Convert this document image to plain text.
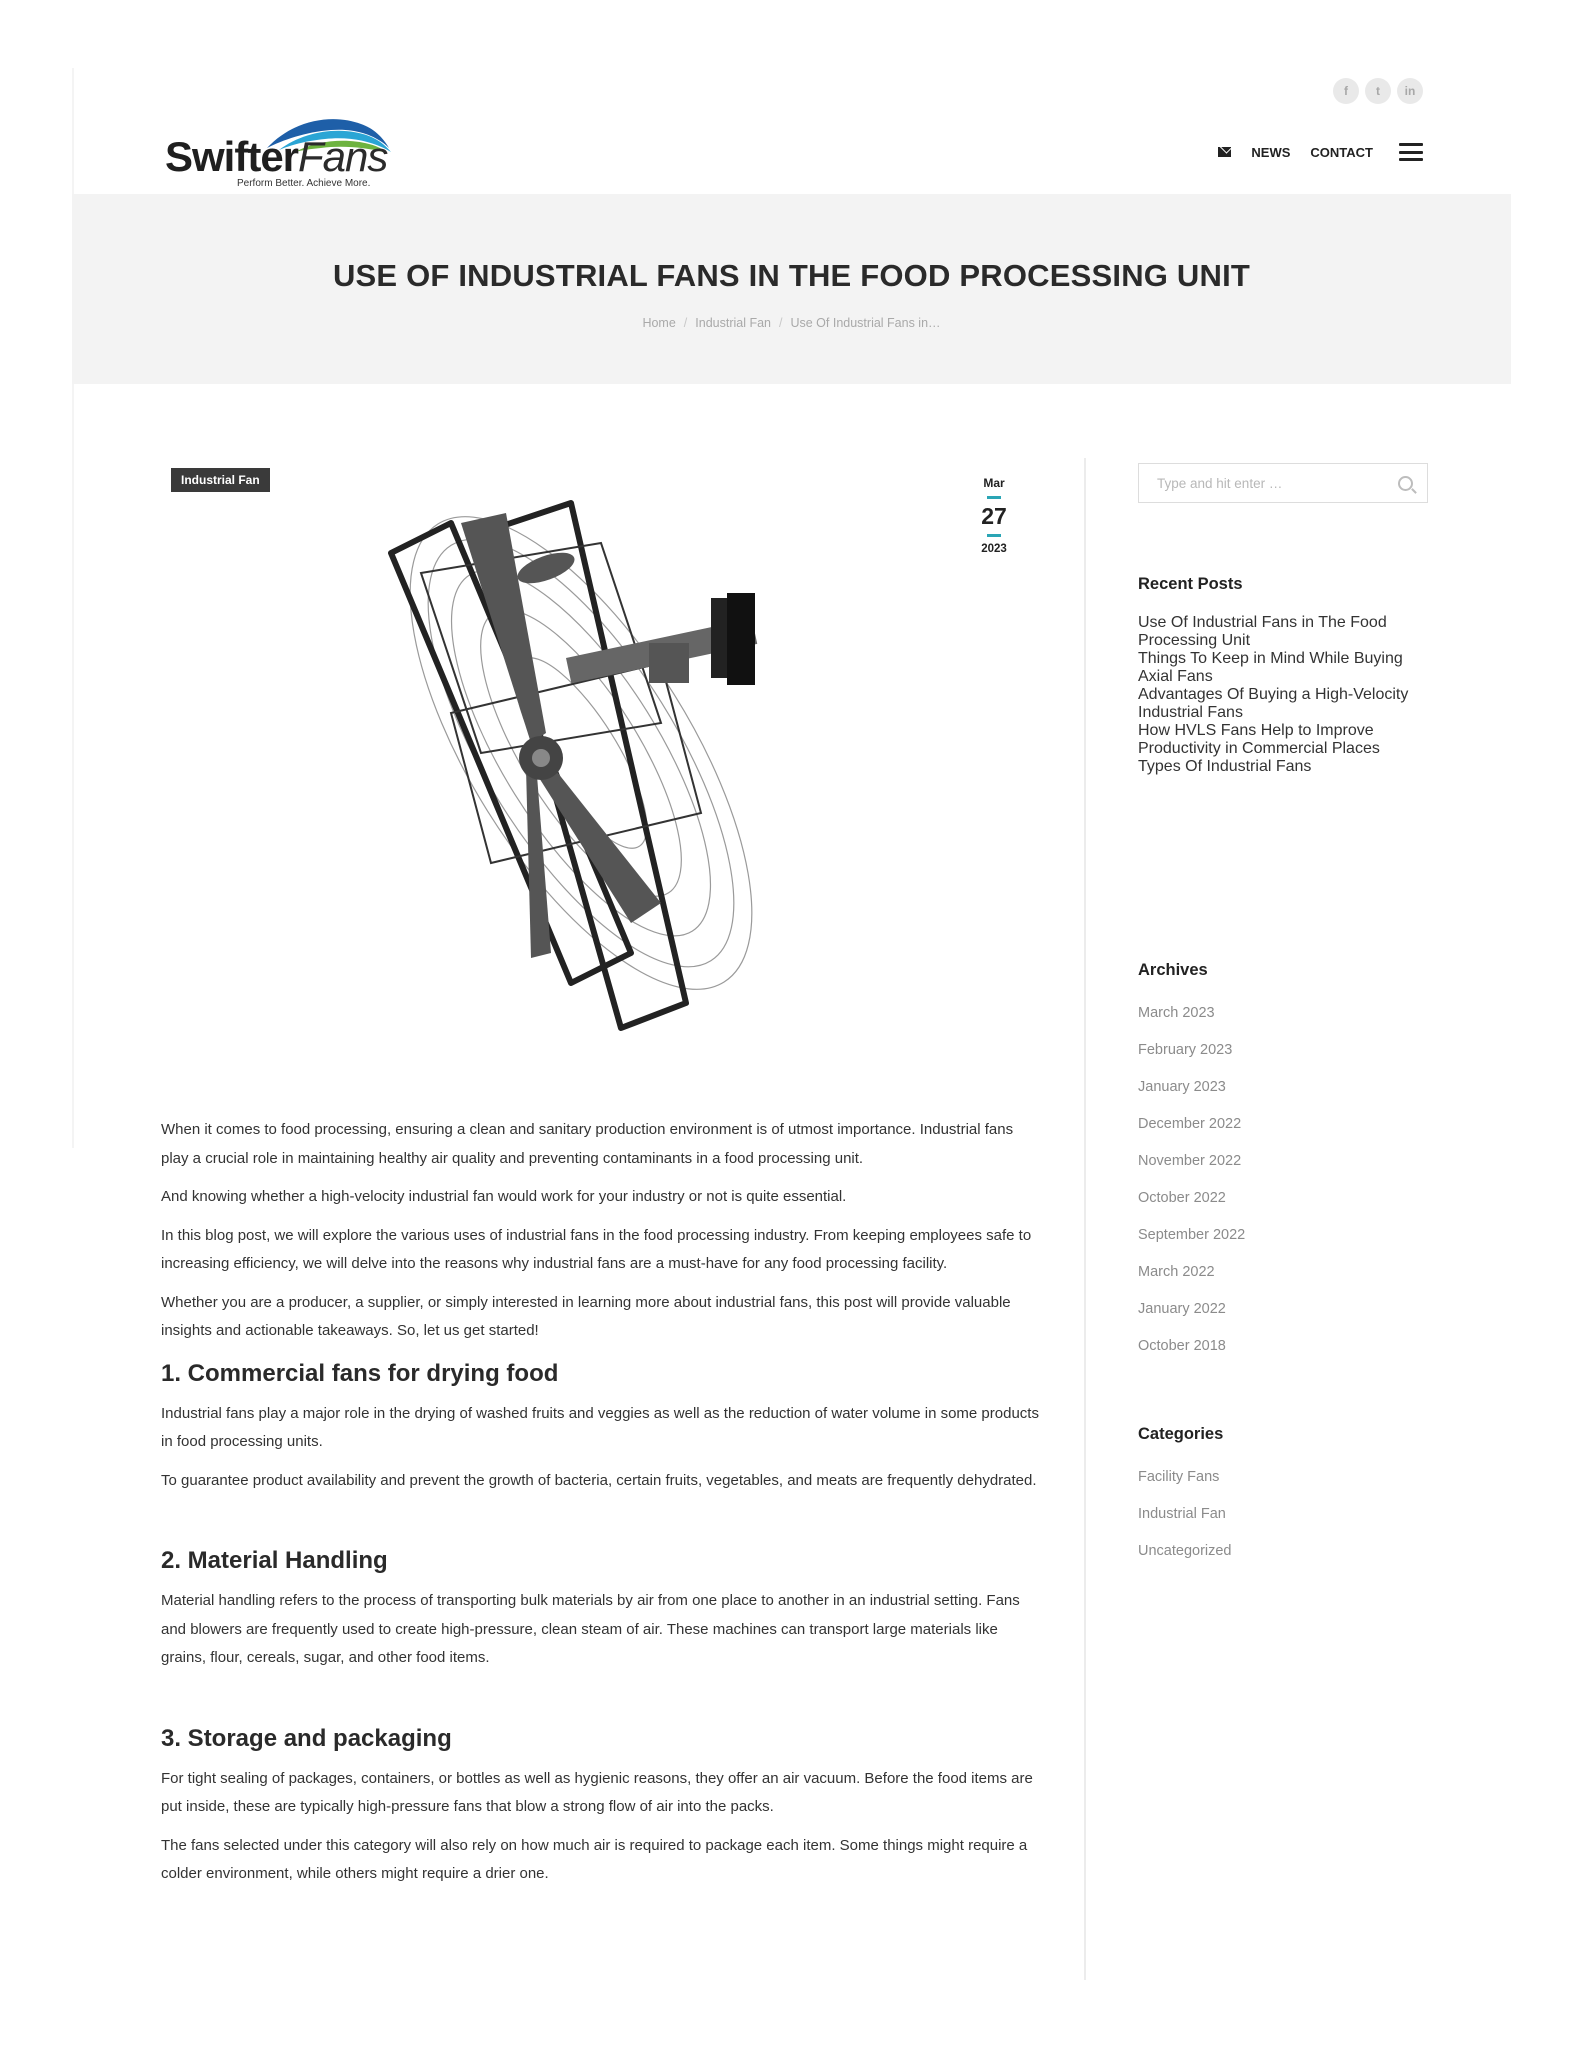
f	t	in
SwifterFans
Perform Better. Achieve More.
NEWS CONTACT
USE OF INDUSTRIAL FANS IN THE FOOD PROCESSING UNIT
Home / Industrial Fan / Use Of Industrial Fans in…
Industrial Fan	Mar
27
2023

When it comes to food processing, ensuring a clean and sanitary production environment is of utmost importance. Industrial fans play a crucial role in maintaining healthy air quality and preventing contaminants in a food processing unit.

And knowing whether a high-velocity industrial fan would work for your industry or not is quite essential.

In this blog post, we will explore the various uses of industrial fans in the food processing industry. From keeping employees safe to increasing efficiency, we will delve into the reasons why industrial fans are a must-have for any food processing facility.

Whether you are a producer, a supplier, or simply interested in learning more about industrial fans, this post will provide valuable insights and actionable takeaways. So, let us get started!

1. Commercial fans for drying food

Industrial fans play a major role in the drying of washed fruits and veggies as well as the reduction of water volume in some products in food processing units.

To guarantee product availability and prevent the growth of bacteria, certain fruits, vegetables, and meats are frequently dehydrated.

2. Material Handling

Material handling refers to the process of transporting bulk materials by air from one place to another in an industrial setting. Fans and blowers are frequently used to create high-pressure, clean steam of air. These machines can transport large materials like grains, flour, cereals, sugar, and other food items.

3. Storage and packaging

For tight sealing of packages, containers, or bottles as well as hygienic reasons, they offer an air vacuum. Before the food items are put inside, these are typically high-pressure fans that blow a strong flow of air into the packs.

The fans selected under this category will also rely on how much air is required to package each item. Some things might require a colder environment, while others might require a drier one.

Type and hit enter …
Recent Posts
Use Of Industrial Fans in The Food Processing Unit
Things To Keep in Mind While Buying Axial Fans
Advantages Of Buying a High-Velocity Industrial Fans
How HVLS Fans Help to Improve Productivity in Commercial Places
Types Of Industrial Fans
Archives
March 2023
February 2023
January 2023
December 2022
November 2022
October 2022
September 2022
March 2022
January 2022
October 2018
Categories
Facility Fans
Industrial Fan
Uncategorized
